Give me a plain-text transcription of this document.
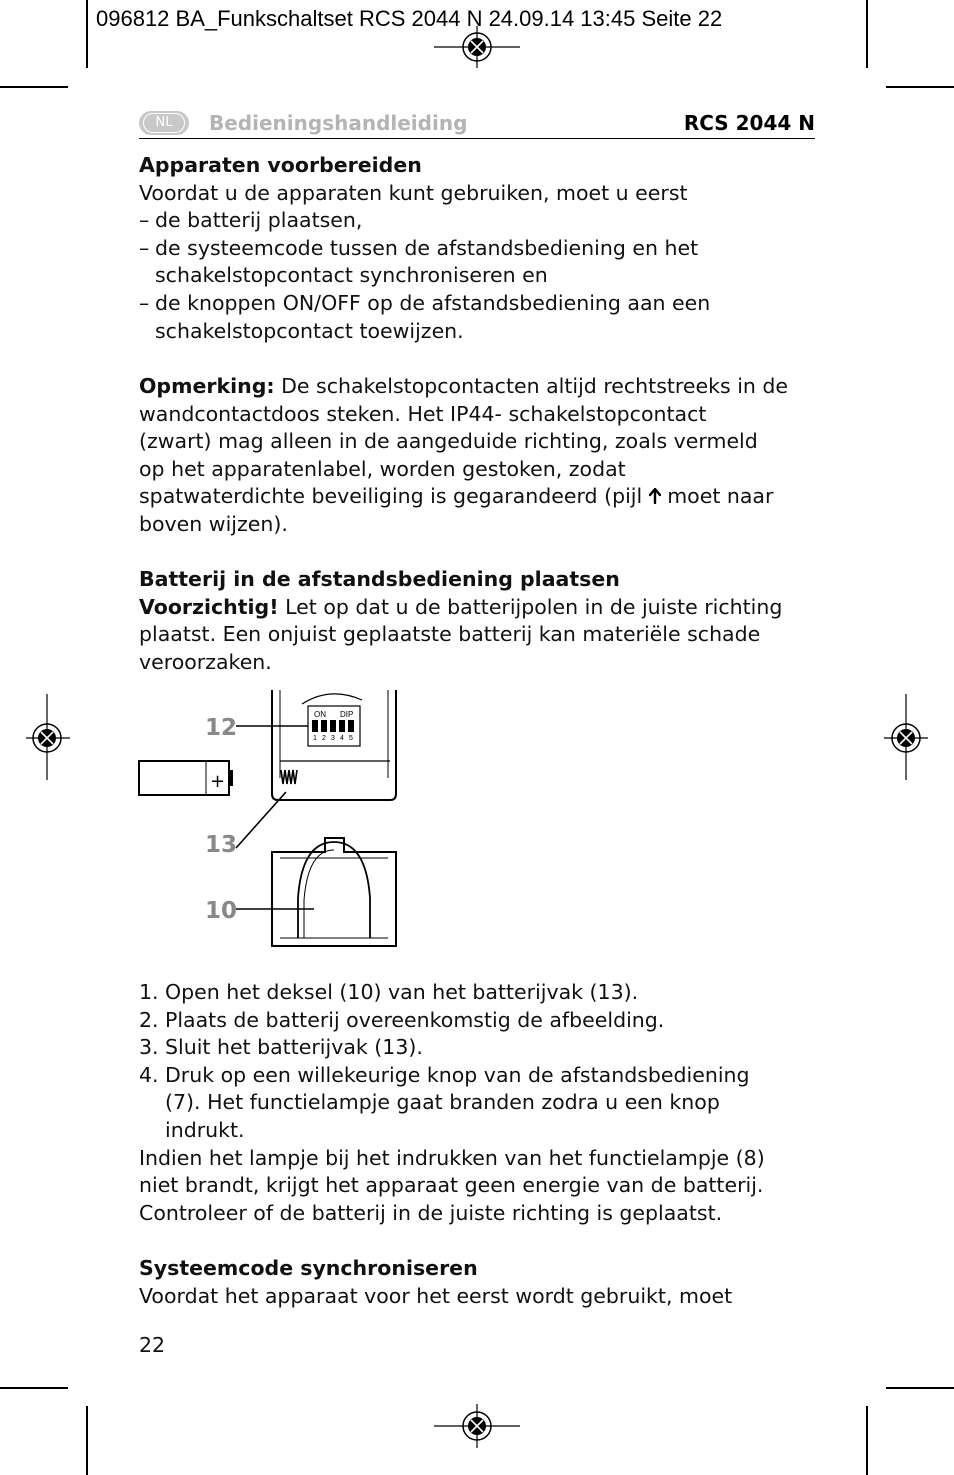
096812 BA_Funkschaltset RCS 2044 N 24.09.14 13:45 Seite 22
NL	Bedieningshandleiding	RCS 2044 N
Apparaten voorbereiden
Voordat u de apparaten kunt gebruiken, moet u eerst
– de batterij plaatsen,
– de systeemcode tussen de afstandsbediening en het
schakelstopcontact synchroniseren en
– de knoppen ON/OFF op de afstandsbediening aan een
schakelstopcontact toewijzen.
Opmerking: De schakelstopcontacten altijd rechtstreeks in de
wandcontactdoos steken. Het IP44- schakelstopcontact
(zwart) mag alleen in de aangeduide richting, zoals vermeld
op het apparatenlabel, worden gestoken, zodat
spatwaterdichte beveiliging is gegarandeerd (pijl  moet naar
boven wijzen).
Batterij in de afstandsbediening plaatsen
Voorzichtig! Let op dat u de batterijpolen in de juiste richting
plaatst. Een onjuist geplaatste batterij kan materiële schade
veroorzaken.
ON DIP
1 2 3 4 5
+
12
13
10
1. Open het deksel (10) van het batterijvak (13).
2. Plaats de batterij overeenkomstig de afbeelding.
3. Sluit het batterijvak (13).
4. Druk op een willekeurige knop van de afstandsbediening
(7). Het functielampje gaat branden zodra u een knop
indrukt.
Indien het lampje bij het indrukken van het functielampje (8)
niet brandt, krijgt het apparaat geen energie van de batterij.
Controleer of de batterij in de juiste richting is geplaatst.
Systeemcode synchroniseren
Voordat het apparaat voor het eerst wordt gebruikt, moet
22
